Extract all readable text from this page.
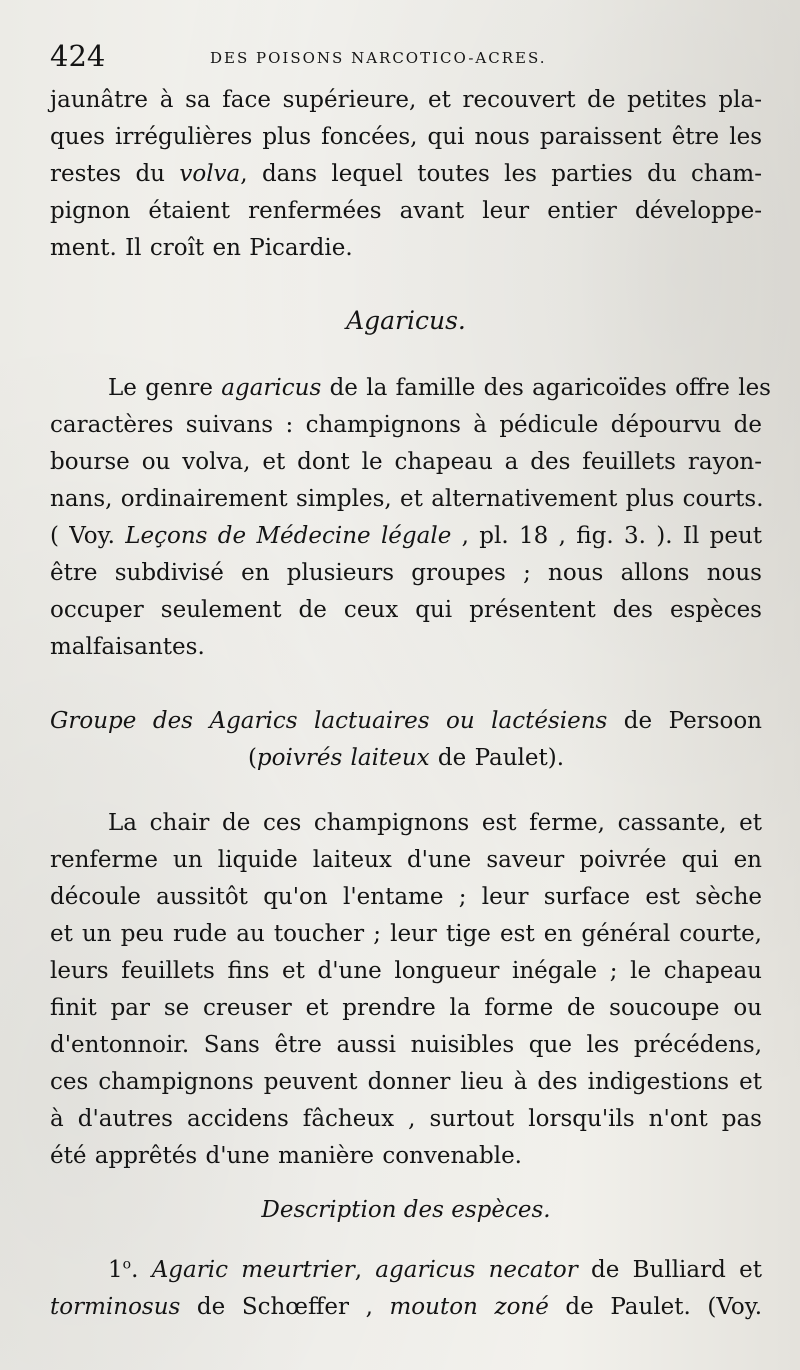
424	DES POISONS NARCOTICO-ACRES.
jaunâtre à sa face supérieure, et recouvert de petites pla-
ques irrégulières plus foncées, qui nous paraissent être les
restes du volva, dans lequel toutes les parties du cham-
pignon étaient renfermées avant leur entier développe-
ment. Il croît en Picardie.
Agaricus.
Le genre agaricus de la famille des agaricoïdes offre les
caractères suivans : champignons à pédicule dépourvu de
bourse ou volva, et dont le chapeau a des feuillets rayon-
nans, ordinairement simples, et alternativement plus courts.
( Voy. Leçons de Médecine légale , pl. 18 , fig. 3. ). Il peut
être subdivisé en plusieurs groupes ; nous allons nous
occuper seulement de ceux qui présentent des espèces
malfaisantes.
Groupe des Agarics lactuaires ou lactésiens de Persoon
(poivrés laiteux de Paulet).
La chair de ces champignons est ferme, cassante, et
renferme un liquide laiteux d'une saveur poivrée qui en
découle aussitôt qu'on l'entame ; leur surface est sèche
et un peu rude au toucher ; leur tige est en général courte,
leurs feuillets fins et d'une longueur inégale ; le chapeau
finit par se creuser et prendre la forme de soucoupe ou
d'entonnoir. Sans être aussi nuisibles que les précédens,
ces champignons peuvent donner lieu à des indigestions et
à d'autres accidens fâcheux , surtout lorsqu'ils n'ont pas
été apprêtés d'une manière convenable.
Description des espèces.
1$^o$. Agaric meurtrier, agaricus necator de Bulliard et
torminosus de Schœffer , mouton zoné de Paulet. (Voy.
